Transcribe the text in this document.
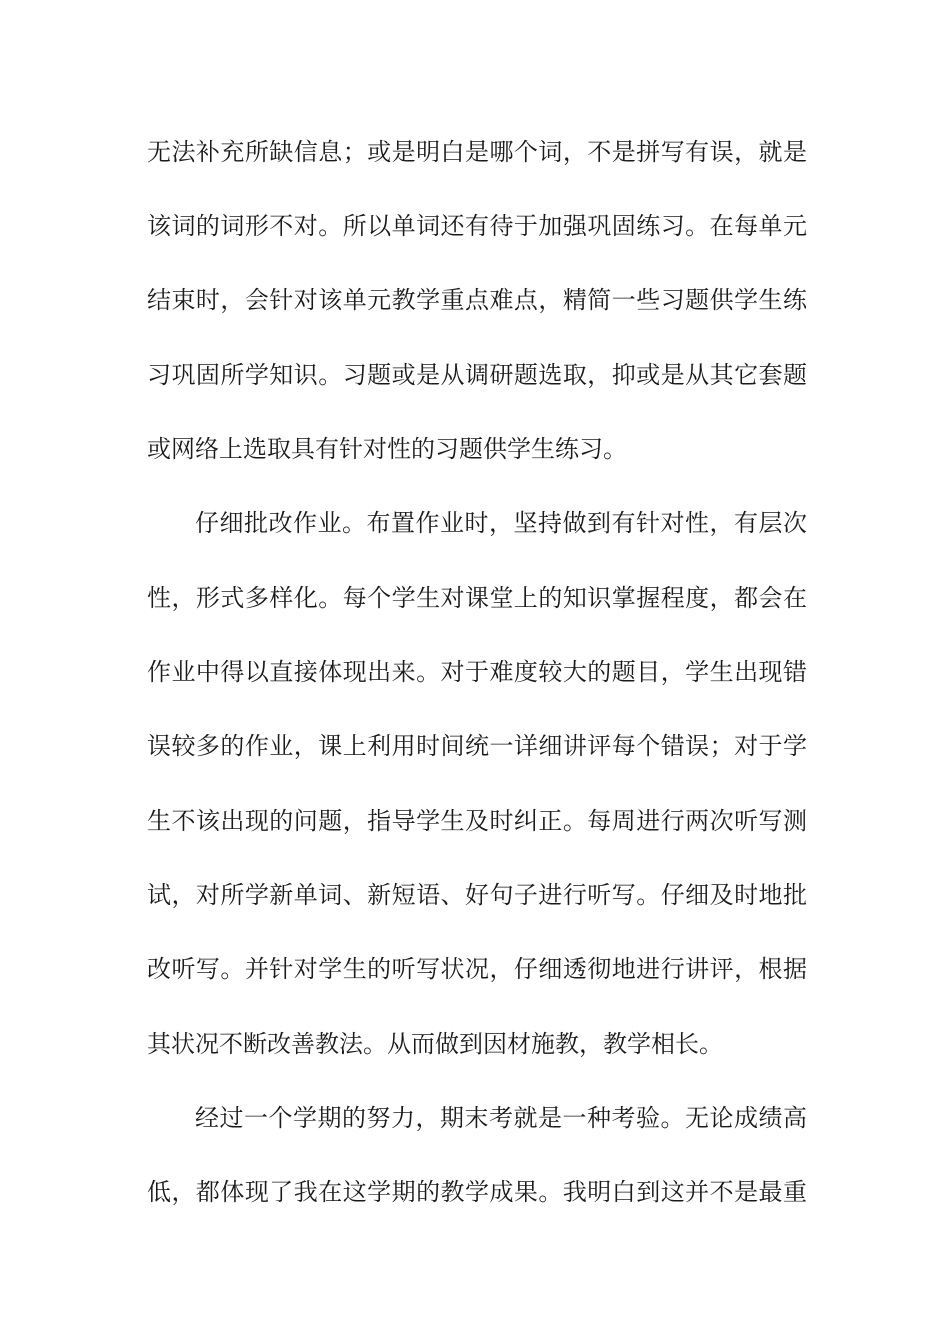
无法补充所缺信息；或是明白是哪个词，不是拼写有误，就是
该词的词形不对。所以单词还有待于加强巩固练习。在每单元
结束时，会针对该单元教学重点难点，精简一些习题供学生练
习巩固所学知识。习题或是从调研题选取，抑或是从其它套题
或网络上选取具有针对性的习题供学生练习。
仔细批改作业。布置作业时，坚持做到有针对性，有层次
性，形式多样化。每个学生对课堂上的知识掌握程度，都会在
作业中得以直接体现出来。对于难度较大的题目，学生出现错
误较多的作业，课上利用时间统一详细讲评每个错误；对于学
生不该出现的问题，指导学生及时纠正。每周进行两次听写测
试，对所学新单词、新短语、好句子进行听写。仔细及时地批
改听写。并针对学生的听写状况，仔细透彻地进行讲评，根据
其状况不断改善教法。从而做到因材施教，教学相长。
经过一个学期的努力，期末考就是一种考验。无论成绩高
低，都体现了我在这学期的教学成果。我明白到这并不是最重
